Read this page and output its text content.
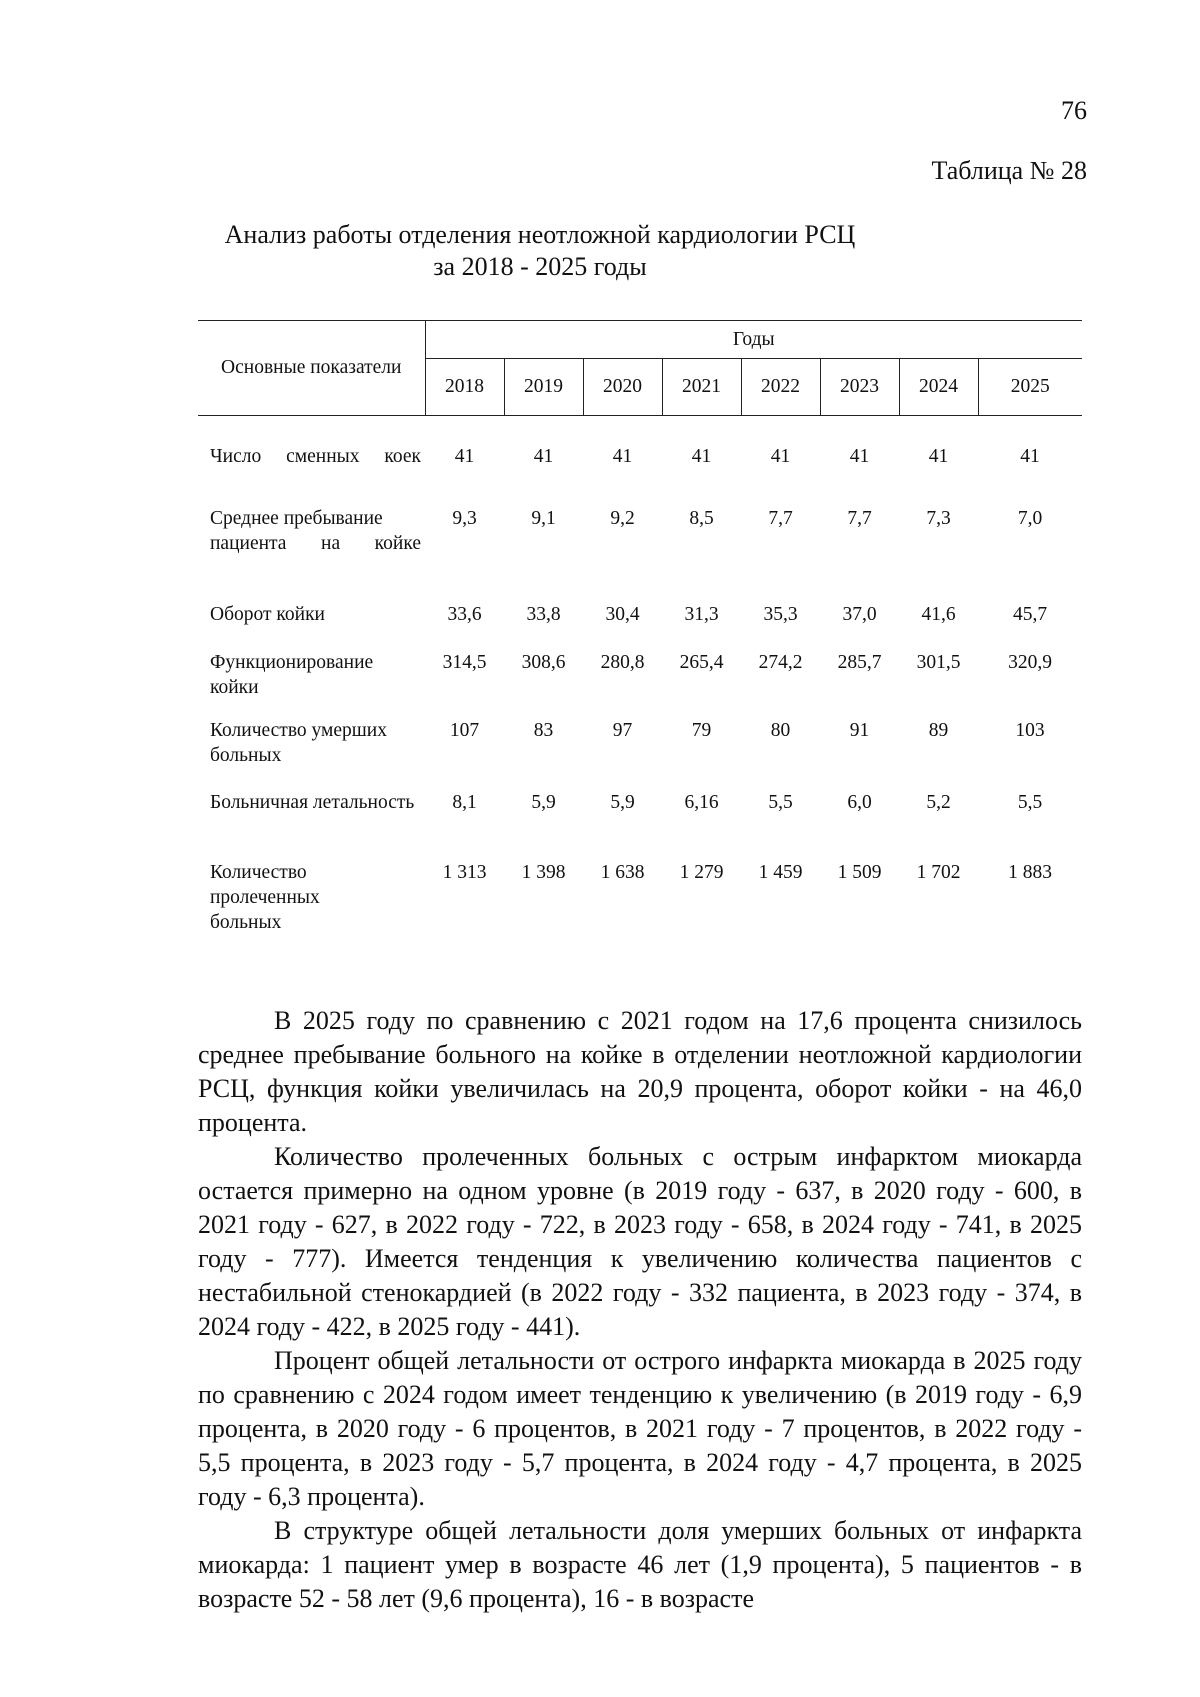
76
Таблица № 28
Анализ работы отделения неотложной кардиологии РСЦ
за 2018 - 2025 годы
Основные показатели	Годы							
	2018	2019	2020	2021	2022	2023	2024	2025

Число сменных коек	41	41	41	41	41	41	41	41
Среднее пребывание пациента на койке	9,3	9,1	9,2	8,5	7,7	7,7	7,3	7,0
Оборот койки	33,6	33,8	30,4	31,3	35,3	37,0	41,6	45,7
Функционирование койки	314,5	308,6	280,8	265,4	274,2	285,7	301,5	320,9
Количество умерших больных	107	83	97	79	80	91	89	103
Больничная летальность	8,1	5,9	5,9	6,16	5,5	6,0	5,2	5,5
Количество пролеченных больных	1 313	1 398	1 638	1 279	1 459	1 509	1 702	1 883

В 2025 году по сравнению с 2021 годом на 17,6 процента снизилось среднее пребывание больного на койке в отделении неотложной кардиологии РСЦ, функция койки увеличилась на 20,9 процента, оборот койки - на 46,0 процента.

Количество пролеченных больных с острым инфарктом миокарда остается примерно на одном уровне (в 2019 году - 637, в 2020 году - 600, в 2021 году - 627, в 2022 году - 722, в 2023 году - 658, в 2024 году - 741, в 2025 году - 777). Имеется тенденция к увеличению количества пациентов с нестабильной стенокардией (в 2022 году - 332 пациента, в 2023 году - 374, в 2024 году - 422, в 2025 году - 441).

Процент общей летальности от острого инфаркта миокарда в 2025 году по сравнению с 2024 годом имеет тенденцию к увеличению (в 2019 году - 6,9 процента, в 2020 году - 6 процентов, в 2021 году - 7 процентов, в 2022 году - 5,5 процента, в 2023 году - 5,7 процента, в 2024 году - 4,7 процента, в 2025 году - 6,3 процента).

В структуре общей летальности доля умерших больных от инфаркта миокарда: 1 пациент умер в возрасте 46 лет (1,9 процента), 5 пациентов - в возрасте 52 - 58 лет (9,6 процента), 16 - в возрасте
